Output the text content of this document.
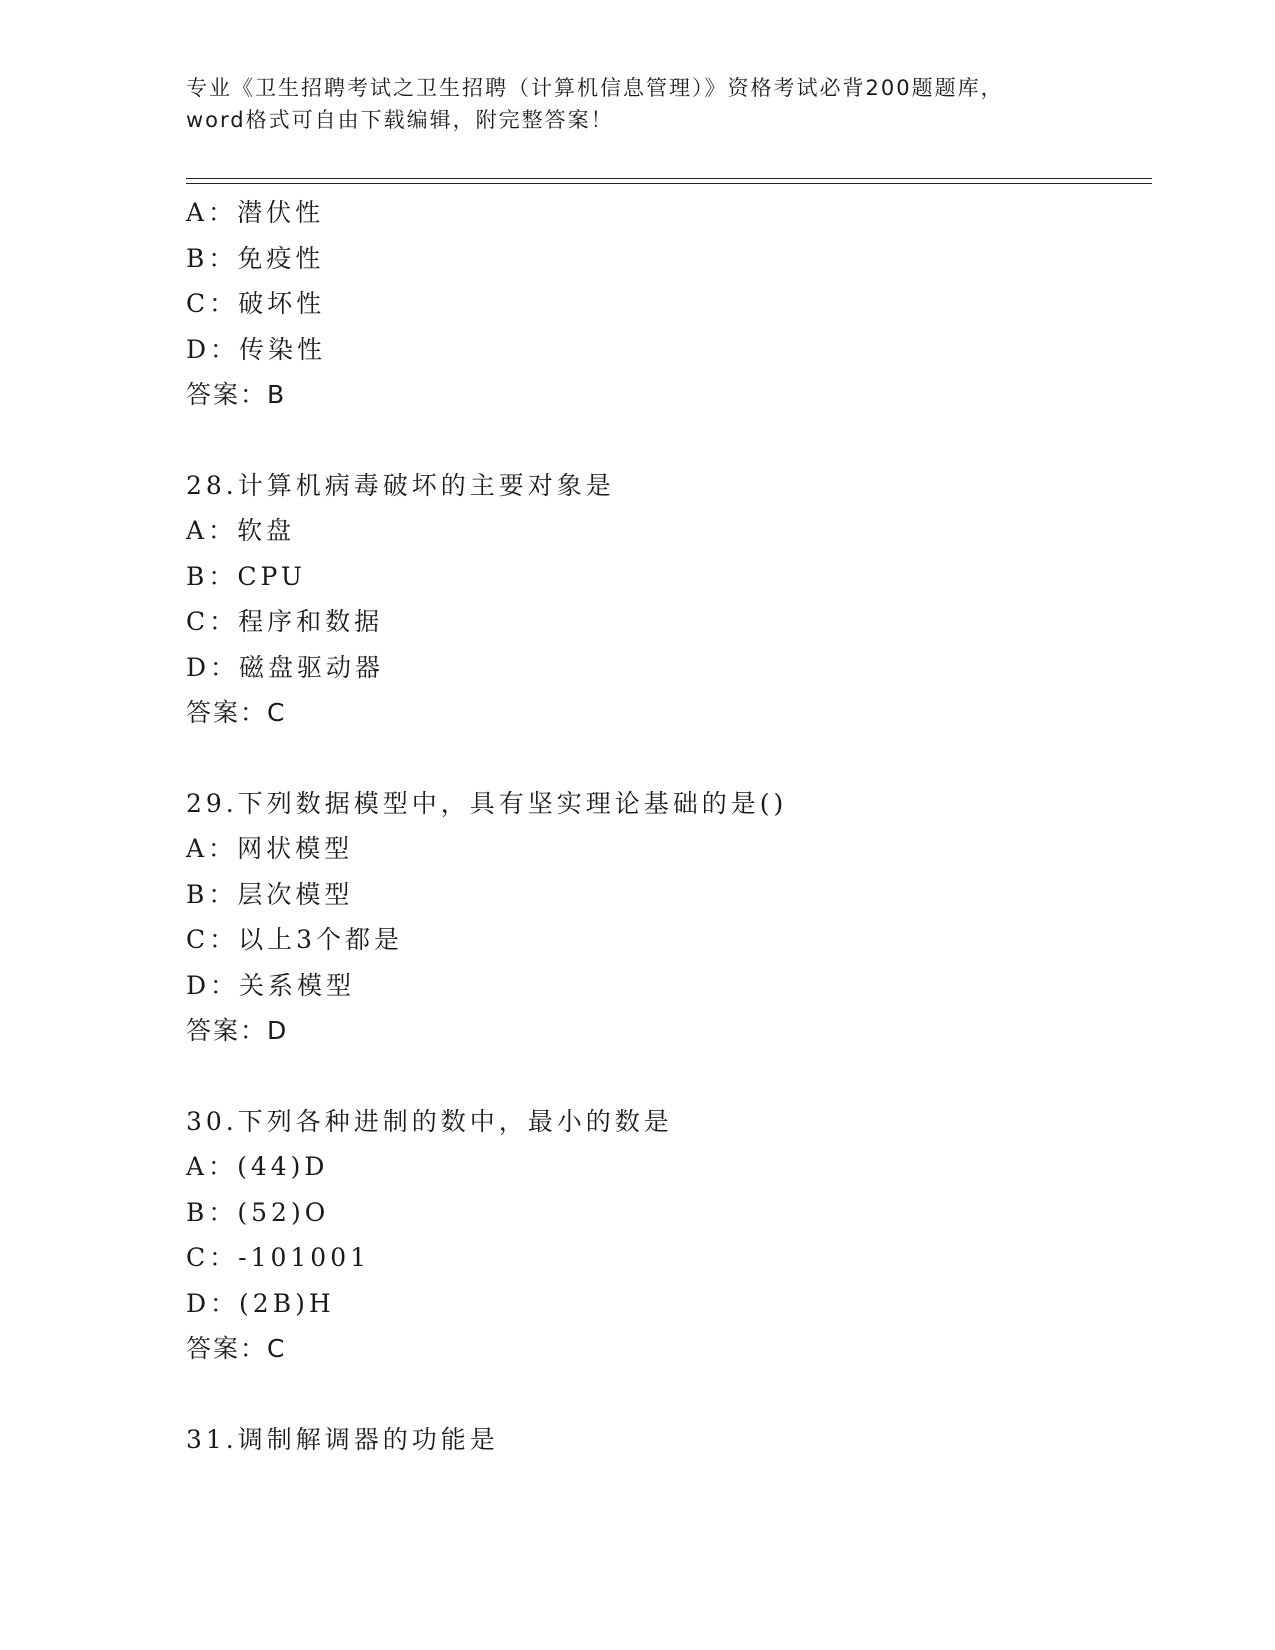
专业《卫生招聘考试之卫生招聘（计算机信息管理）》资格考试必背200题题库，
word格式可自由下载编辑，附完整答案！
A：潜伏性
B：免疫性
C：破坏性
D：传染性
答案：B
28.计算机病毒破坏的主要对象是
A：软盘
B：CPU
C：程序和数据
D：磁盘驱动器
答案：C
29.下列数据模型中，具有坚实理论基础的是()
A：网状模型
B：层次模型
C：以上3个都是
D：关系模型
答案：D
30.下列各种进制的数中，最小的数是
A：(44)D
B：(52)O
C：-101001
D：(2B)H
答案：C
31.调制解调器的功能是
